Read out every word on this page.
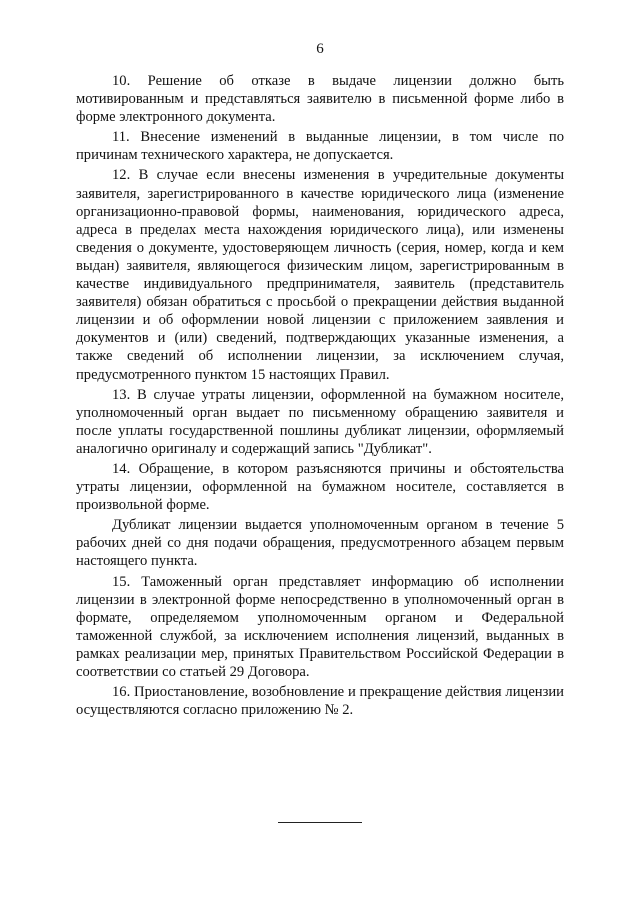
6

10. Решение об отказе в выдаче лицензии должно быть мотивированным и представляться заявителю в письменной форме либо в форме электронного документа.

11. Внесение изменений в выданные лицензии, в том числе по причинам технического характера, не допускается.

12. В случае если внесены изменения в учредительные документы заявителя, зарегистрированного в качестве юридического лица (изменение организационно-правовой формы, наименования, юридического адреса, адреса в пределах места нахождения юридического лица), или изменены сведения о документе, удостоверяющем личность (серия, номер, когда и кем выдан) заявителя, являющегося физическим лицом, зарегистрированным в качестве индивидуального предпринимателя, заявитель (представитель заявителя) обязан обратиться с просьбой о прекращении действия выданной лицензии и об оформлении новой лицензии с приложением заявления и документов и (или) сведений, подтверждающих указанные изменения, а также сведений об исполнении лицензии, за исключением случая, предусмотренного пунктом 15 настоящих Правил.

13. В случае утраты лицензии, оформленной на бумажном носителе, уполномоченный орган выдает по письменному обращению заявителя и после уплаты государственной пошлины дубликат лицензии, оформляемый аналогично оригиналу и содержащий запись "Дубликат".

14. Обращение, в котором разъясняются причины и обстоятельства утраты лицензии, оформленной на бумажном носителе, составляется в произвольной форме.

Дубликат лицензии выдается уполномоченным органом в течение 5 рабочих дней со дня подачи обращения, предусмотренного абзацем первым настоящего пункта.

15. Таможенный орган представляет информацию об исполнении лицензии в электронной форме непосредственно в уполномоченный орган в формате, определяемом уполномоченным органом и Федеральной таможенной службой, за исключением исполнения лицензий, выданных в рамках реализации мер, принятых Правительством Российской Федерации в соответствии со статьей 29 Договора.

16. Приостановление, возобновление и прекращение действия лицензии осуществляются согласно приложению № 2.
